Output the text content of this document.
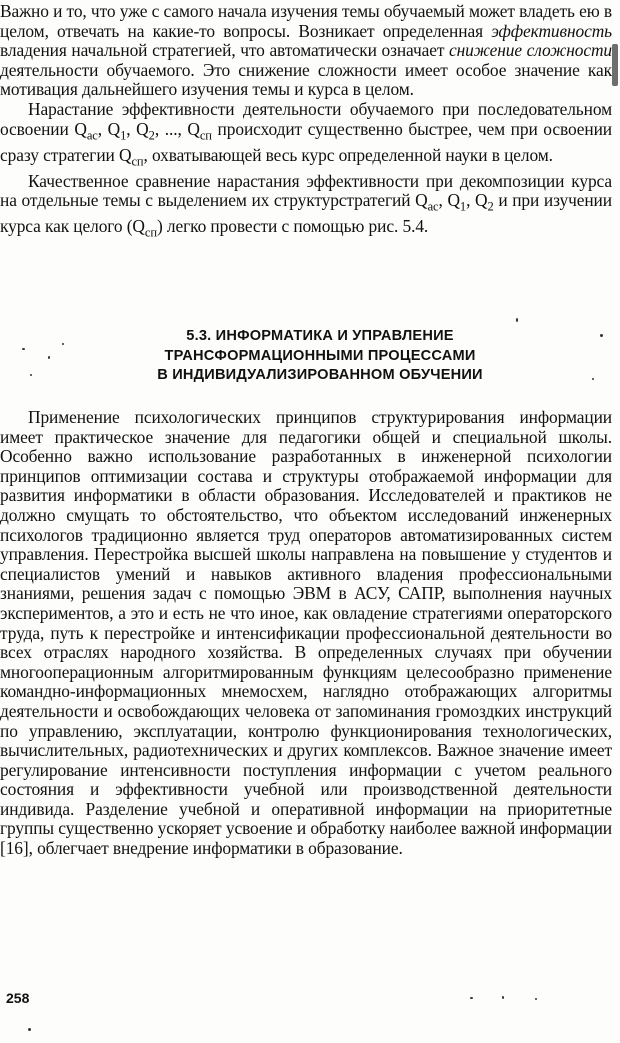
Важно и то, что уже с самого начала изучения темы обучаемый может владеть ею в целом, отвечать на какие-то вопросы. Возникает определенная эффективность владения начальной стратегией, что автоматически означает снижение сложности деятельности обучаемого. Это снижение сложности имеет особое значение как мотивация дальнейшего изучения темы и курса в целом.

Нарастание эффективности деятельности обучаемого при последовательном освоении $Q_{ас}$, $Q_1$, $Q_2$, ..., $Q_{сп}$ происходит существенно быстрее, чем при освоении сразу стратегии $Q_{сп}$, охватывающей весь курс определенной науки в целом.

Качественное сравнение нарастания эффективности при декомпозиции курса на отдельные темы с выделением их структурстратегий $Q_{ас}$, $Q_1$, $Q_2$ и при изучении курса как целого $(Q_{сп})$ легко провести с помощью рис. 5.4.

5.3. ИНФОРМАТИКА И УПРАВЛЕНИЕ
ТРАНСФОРМАЦИОННЫМИ ПРОЦЕССАМИ
В ИНДИВИДУАЛИЗИРОВАННОМ ОБУЧЕНИИ

Применение психологических принципов структурирования информации имеет практическое значение для педагогики общей и специальной школы. Особенно важно использование разработанных в инженерной психологии принципов оптимизации состава и структуры отображаемой информации для развития информатики в области образования. Исследователей и практиков не должно смущать то обстоятельство, что объектом исследований инженерных психологов традиционно является труд операторов автоматизированных систем управления. Перестройка высшей школы направлена на повышение у студентов и специалистов умений и навыков активного владения профессиональными знаниями, решения задач с помощью ЭВМ в АСУ, САПР, выполнения научных экспериментов, а это и есть не что иное, как овладение стратегиями операторского труда, путь к перестройке и интенсификации профессиональной деятельности во всех отраслях народного хозяйства. В определенных случаях при обучении многооперационным алгоритмированным функциям целесообразно применение командно-информационных мнемосхем, наглядно отображающих алгоритмы деятельности и освобождающих человека от запоминания громоздких инструкций по управлению, эксплуатации, контролю функционирования технологических, вычислительных, радиотехнических и других комплексов. Важное значение имеет регулирование интенсивности поступления информации с учетом реального состояния и эффективности учебной или производственной деятельности индивида. Разделение учебной и оперативной информации на приоритетные группы существенно ускоряет усвоение и обработку наиболее важной информации [16], облегчает внедрение информатики в образование.

258
